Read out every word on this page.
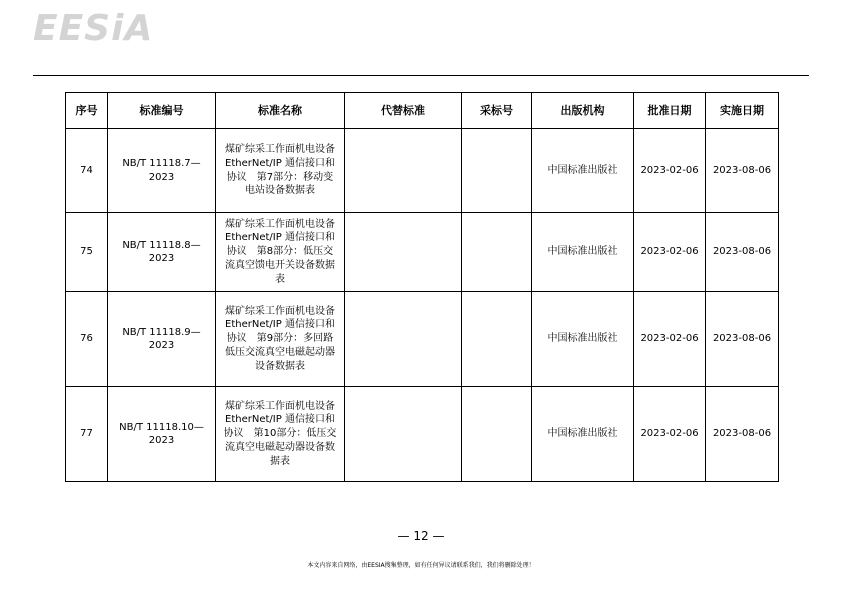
EESiA
序号	标准编号	标准名称	代替标准	采标号	出版机构	批准日期	实施日期
74	NB/T 11118.7—2023	煤矿综采工作面机电设备 EtherNet/IP 通信接口和协议　第7部分：移动变电站设备数据表			中国标准出版社	2023-02-06	2023-08-06
75	NB/T 11118.8—2023	煤矿综采工作面机电设备 EtherNet/IP 通信接口和协议　第8部分：低压交流真空馈电开关设备数据表			中国标准出版社	2023-02-06	2023-08-06
76	NB/T 11118.9—2023	煤矿综采工作面机电设备 EtherNet/IP 通信接口和协议　第9部分：多回路低压交流真空电磁起动器设备数据表			中国标准出版社	2023-02-06	2023-08-06
77	NB/T 11118.10—2023	煤矿综采工作面机电设备 EtherNet/IP 通信接口和协议　第10部分：低压交流真空电磁起动器设备数据表			中国标准出版社	2023-02-06	2023-08-06
— 12 —
本文内容来自网络，由EESIA搜集整理，如有任何异议请联系我们，我们将删除处理！
